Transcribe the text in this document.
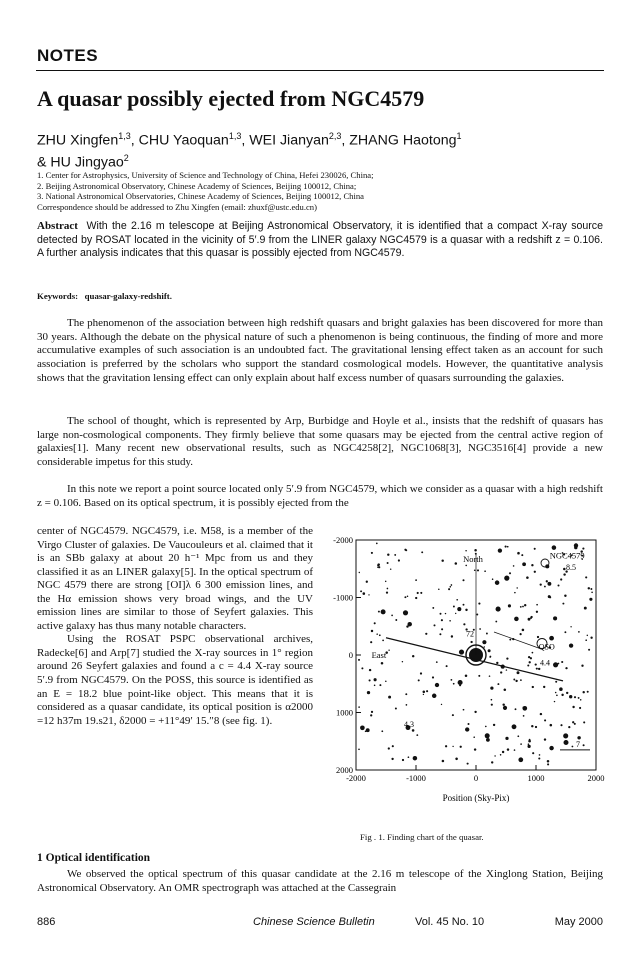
NOTES
A quasar possibly ejected from NGC4579
ZHU Xingfen$^{1,3}$, CHU Yaoquan$^{1,3}$, WEI Jianyan$^{2,3}$, ZHANG Haotong$^1$
& HU Jingyao$^2$
1. Center for Astrophysics, University of Science and Technology of China, Hefei 230026, China;
2. Beijing Astronomical Observatory, Chinese Academy of Sciences, Beijing 100012, China;
3. National Astronomical Observatories, Chinese Academy of Sciences, Beijing 100012, China
Correspondence should be addressed to Zhu Xingfen (email: zhuxf@ustc.edu.cn)
Abstract With the 2.16 m telescope at Beijing Astronomical Observatory, it is identified that a compact X-ray source detected by ROSAT located in the vicinity of 5′.9 from the LINER galaxy NGC4579 is a quasar with a redshift z = 0.106. A further analysis indicates that this quasar is possibly ejected from NGC4579.
Keywords: quasar-galaxy-redshift.

The phenomenon of the association between high redshift quasars and bright galaxies has been discovered for more than 30 years. Although the debate on the physical nature of such a phenomenon is being continuous, the finding of more and more accumulative examples of such association is an undoubted fact. The gravitational lensing effect taken as an account for such association is preferred by the scholars who support the standard cosmological models. However, the quantitative analysis shows that the gravitation lensing effect can only explain about half excess number of quasars surrounding the galaxies.

The school of thought, which is represented by Arp, Burbidge and Hoyle et al., insists that the redshift of quasars has large non-cosmological components. They firmly believe that some quasars may be ejected from the central active region of galaxies[1]. Many recent new observational results, such as NGC4258[2], NGC1068[3], NGC3516[4] provide a new considerable impetus for this study.

In this note we report a point source located only 5′.9 from NGC4579, which we consider as a quasar with a high redshift z = 0.106. Based on its optical spectrum, it is possibly ejected from the

center of NGC4579. NGC4579, i.e. M58, is a member of the Virgo Cluster of galaxies. De Vaucouleurs et al. claimed that it is an SBb galaxy at about 20 h⁻¹ Mpc from us and they classified it as an LINER galaxy[5]. In the optical spectrum of NGC 4579 there are strong [OI]λ 6 300 emission lines, and the Hα emission shows very broad wings, and the UV emission lines are similar to those of Seyfert galaxies. This active galaxy has thus many notable characters.

Using the ROSAT PSPC observational archives, Radecke[6] and Arp[7] studied the X-ray sources in 1° region around 26 Seyfert galaxies and found a c = 4.4 X-ray source 5′.9 from NGC4579. On the POSS, this source is identified as an E = 18.2 blue point-like object. This means that it is considered as a quasar candidate, its optical position is α2000 =12 h37m 19.s21, δ2000 = +11°49′ 15.″8 (see fig. 1).

-2000	-1000	0	1000	2000
-2000
-1000
0
1000
2000
North
East
NGC4579
8.5
QSO
4.4
72
4.3
7
Position (Sky-Pix)
Fig . 1. Finding chart of the quasar.
1 Optical identification

We observed the optical spectrum of this quasar candidate at the 2.16 m telescope of the Xinglong Station, Beijing Astronomical Observatory. An OMR spectrograph was attached at the Cassegrain

886	Chinese Science Bulletin	Vol. 45 No. 10	May 2000
